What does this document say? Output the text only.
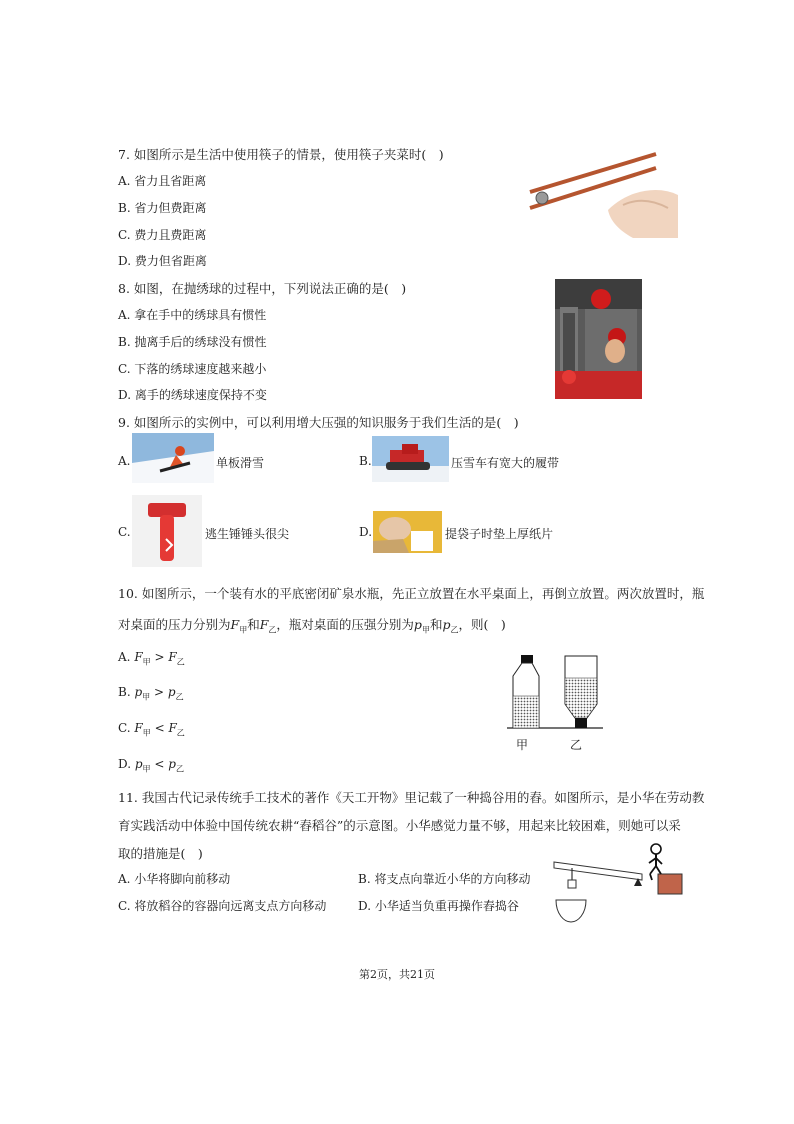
7. 如图所示是生活中使用筷子的情景，使用筷子夹菜时(　)
A. 省力且省距离
B. 省力但费距离
C. 费力且费距离
D. 费力但省距离
8. 如图，在抛绣球的过程中，下列说法正确的是(　)
A. 拿在手中的绣球具有惯性
B. 抛离手后的绣球没有惯性
C. 下落的绣球速度越来越小
D. 离手的绣球速度保持不变
9. 如图所示的实例中，可以利用增大压强的知识服务于我们生活的是(　)
A.	单板滑雪	B.	压雪车有宽大的履带
C.	逃生锤锤头很尖	D.	提袋子时垫上厚纸片
10. 如图所示，一个装有水的平底密闭矿泉水瓶，先正立放置在水平桌面上，再倒立放置。两次放置时，瓶
对桌面的压力分别为$F_甲$和$F_乙$，瓶对桌面的压强分别为$p_甲$和$p_乙$，则(　)
A. $F_甲 > F_乙$
B. $p_甲 > p_乙$
C. $F_甲 < F_乙$
D. $p_甲 < p_乙$
甲	乙
11. 我国古代记录传统手工技术的著作《天工开物》里记载了一种捣谷用的舂。如图所示，是小华在劳动教
育实践活动中体验中国传统农耕“舂稻谷”的示意图。小华感觉力量不够，用起来比较困难，则她可以采
取的措施是(　)
A. 小华将脚向前移动	B. 将支点向靠近小华的方向移动
C. 将放稻谷的容器向远离支点方向移动	D. 小华适当负重再操作舂捣谷
第2页，共21页
